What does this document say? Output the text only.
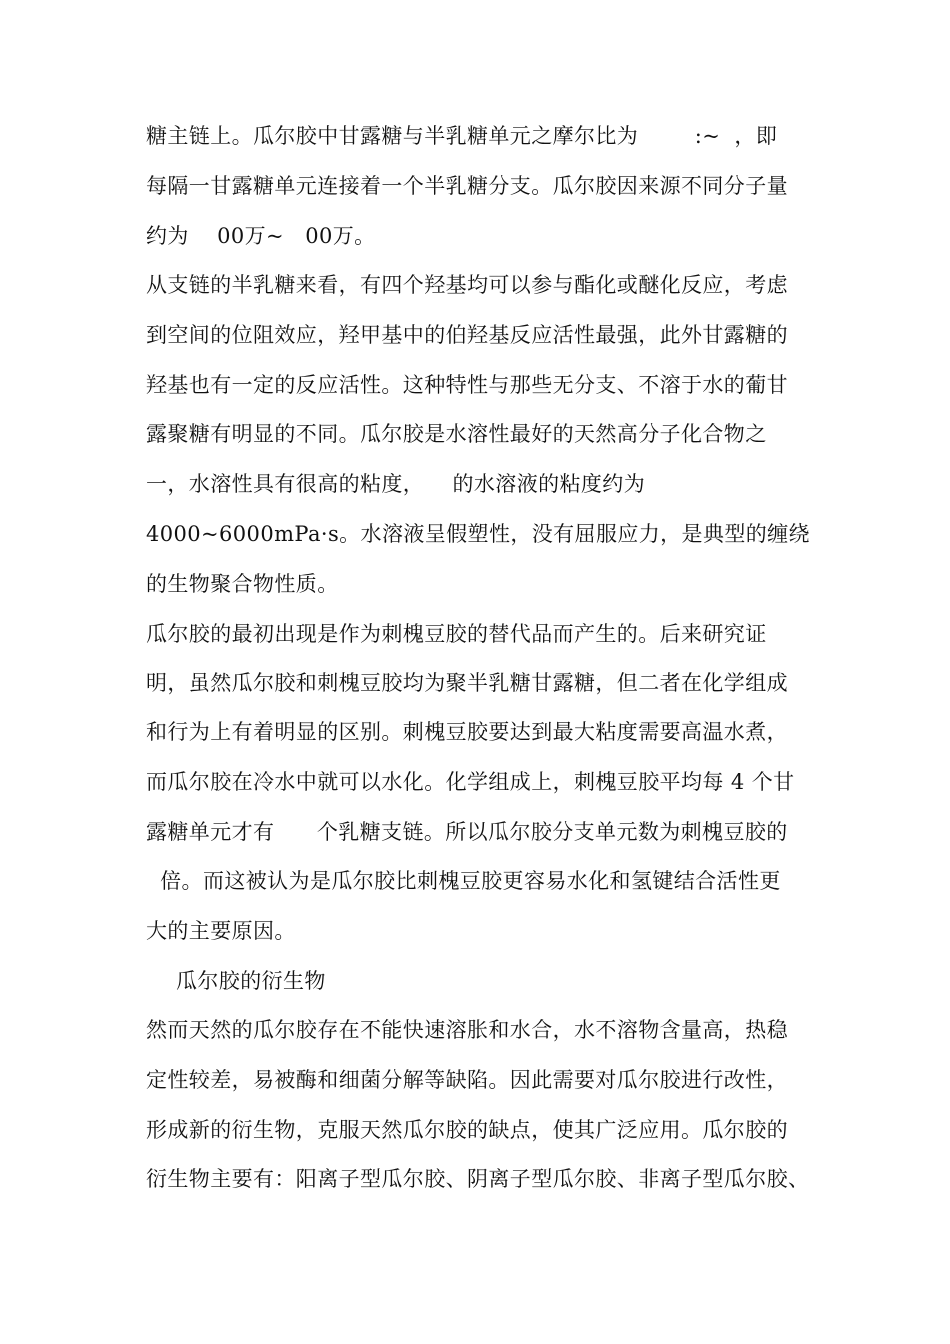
糖主链上。瓜尔胶中甘露糖与半乳糖单元之摩尔比为        :~  ，即
每隔一甘露糖单元连接着一个半乳糖分支。瓜尔胶因来源不同分子量
约为    00万~   00万。
从支链的半乳糖来看，有四个羟基均可以参与酯化或醚化反应，考虑
到空间的位阻效应，羟甲基中的伯羟基反应活性最强，此外甘露糖的
羟基也有一定的反应活性。这种特性与那些无分支、不溶于水的葡甘
露聚糖有明显的不同。瓜尔胶是水溶性最好的天然高分子化合物之
一，水溶性具有很高的粘度，    的水溶液的粘度约为
4000~6000mPa·s。水溶液呈假塑性，没有屈服应力，是典型的缠绕
的生物聚合物性质。
瓜尔胶的最初出现是作为刺槐豆胶的替代品而产生的。后来研究证
明，虽然瓜尔胶和刺槐豆胶均为聚半乳糖甘露糖，但二者在化学组成
和行为上有着明显的区别。刺槐豆胶要达到最大粘度需要高温水煮，
而瓜尔胶在冷水中就可以水化。化学组成上，刺槐豆胶平均每 4 个甘
露糖单元才有      个乳糖支链。所以瓜尔胶分支单元数为刺槐豆胶的
倍。而这被认为是瓜尔胶比刺槐豆胶更容易水化和氢键结合活性更
大的主要原因。
瓜尔胶的衍生物
然而天然的瓜尔胶存在不能快速溶胀和水合，水不溶物含量高，热稳
定性较差，易被酶和细菌分解等缺陷。因此需要对瓜尔胶进行改性，
形成新的衍生物，克服天然瓜尔胶的缺点，使其广泛应用。瓜尔胶的
衍生物主要有：阳离子型瓜尔胶、阴离子型瓜尔胶、非离子型瓜尔胶、
